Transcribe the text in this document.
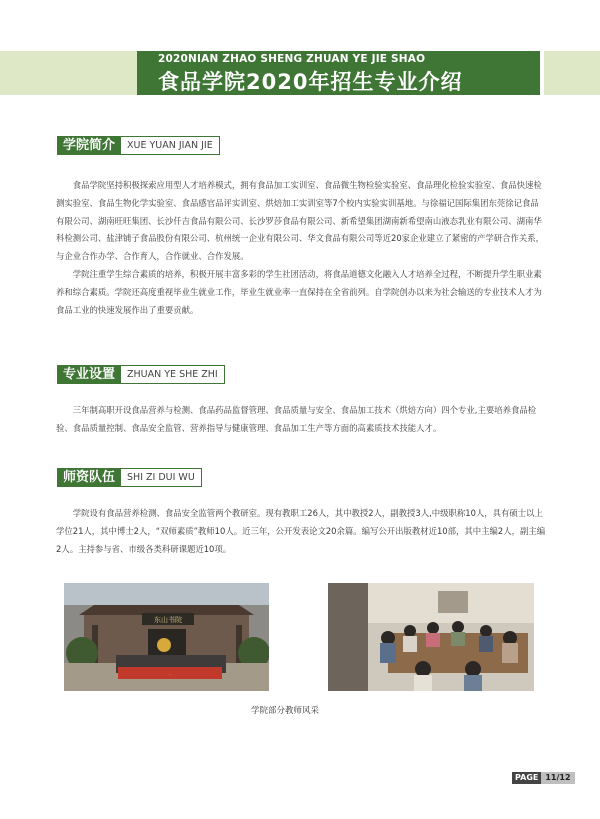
2020NIAN ZHAO SHENG ZHUAN YE JIE SHAO
食品学院2020年招生专业介绍
学院简介	XUE YUAN JIAN JIE

食品学院坚持积极探索应用型人才培养模式，拥有食品加工实训室、食品微生物检验实验室、食品理化检验实验室、食品快速检测实验室、食品生物化学实验室、食品感官品评实训室、烘焙加工实训室等7个校内实验实训基地。与徐福记国际集团东莞徐记食品有限公司、湖南旺旺集团、长沙仟吉食品有限公司、长沙罗莎食品有限公司、新希望集团湖南新希望南山液态乳业有限公司、湖南华科检测公司、盐津铺子食品股份有限公司、杭州统一企业有限公司、华文食品有限公司等近20家企业建立了紧密的产学研合作关系，与企业合作办学、合作育人，合作就业、合作发展。

学院注重学生综合素质的培养，积极开展丰富多彩的学生社团活动，将食品道德文化融入人才培养全过程，不断提升学生职业素养和综合素质。学院还高度重视毕业生就业工作，毕业生就业率一直保持在全省前列。自学院创办以来为社会输送的专业技术人才为食品工业的快速发展作出了重要贡献。

专业设置	ZHUAN YE SHE ZHI

三年制高职开设食品营养与检测、食品药品监督管理、食品质量与安全、食品加工技术（烘焙方向）四个专业,主要培养食品检验、食品质量控制、食品安全监管、营养指导与健康管理、食品加工生产等方面的高素质技术技能人才。

师资队伍	SHI ZI DUI WU

学院设有食品营养检测、食品安全监管两个教研室。现有教职工26人，其中教授2人，副教授3人,中级职称10人，具有硕士以上学位21人，其中博士2人，“双师素质”教师10人。近三年，公开发表论文20余篇。编写公开出版教材近10部，其中主编2人，副主编2人。主持参与省、市级各类科研课题近10项。

东山书院
·
学院部分教师风采
PAGE 11/12
